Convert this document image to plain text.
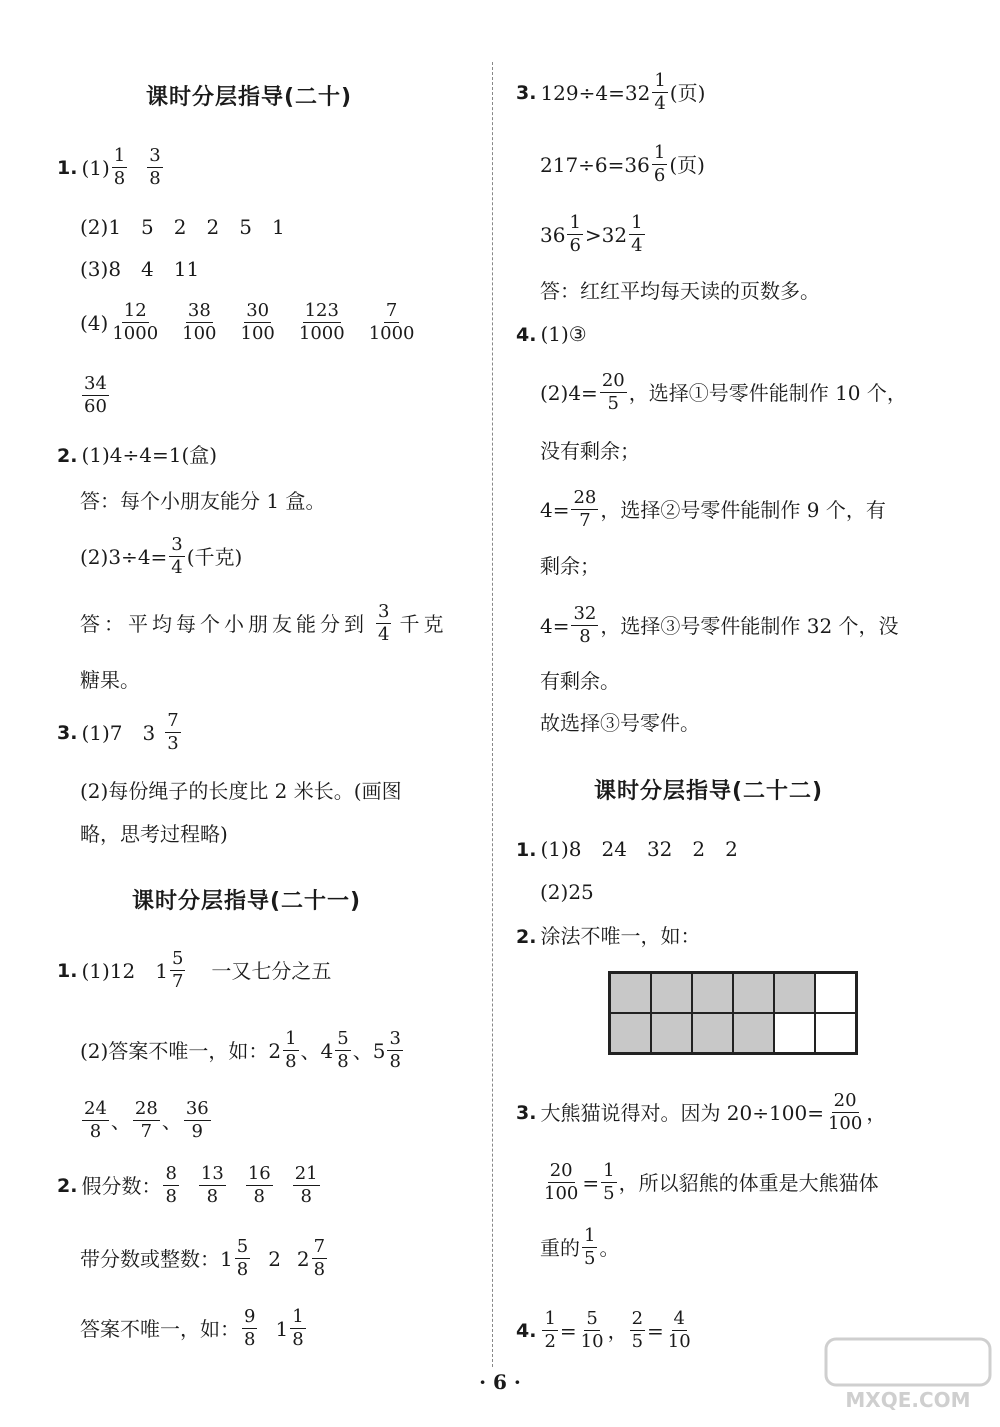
课时分层指导(二十)
1. $(1) \frac{1}{8} \frac{3}{8}$
(2)1　5　2　2　5　1
(3)8　4　11
$(4) \frac{12}{1000} \frac{38}{100} \frac{30}{100} \frac{123}{1000} \frac{7}{1000}$
$\frac{34}{60}$
2. (1)4÷4=1(盒)
答：每个小朋友能分 1 盒。
$(2)3\div 4= \frac{3}{4}$ (千克)
答：平均每个小朋友能分到 $\frac{3}{4}$ 千克
糖果。
3. (1)7　$3 \frac{7}{3}$
(2)每份绳子的长度比 2 米长。(画图
略，思考过程略)
课时分层指导(二十一)
1. (1)12　$1 \frac{5}{7}$ 一又七分之五
(2)答案不唯一，如： $2 \frac{1}{8}$ 、 $4 \frac{5}{8}$ 、 $5 \frac{3}{8}$
$\frac{24}{8}$ 、 $\frac{28}{7}$ 、 $\frac{36}{9}$
2. 假分数： $\frac{8}{8} \frac{13}{8} \frac{16}{8} \frac{21}{8}$
带分数或整数： $1 \frac{5}{8} 2$ $2 \frac{7}{8}$
答案不唯一，如： $\frac{9}{8} 1 \frac{1}{8}$
3. $129\div 4=32 \frac{1}{4}$ (页)
$217\div 6=36 \frac{1}{6}$ (页)
$36 \frac{1}{6} >32 \frac{1}{4}$
答：红红平均每天读的页数多。
4. (1)③
$(2)4= \frac{20}{5}$ ，选择①号零件能制作 10 个，
没有剩余；
$4= \frac{28}{7}$ ，选择②号零件能制作 9 个，有
剩余；
$4= \frac{32}{8}$ ，选择③号零件能制作 32 个，没
有剩余。
故选择③号零件。
课时分层指导(二十二)
1. (1)8　24　32　2　2
(2)25
2. 涂法不唯一，如：
3. 大熊猫说得对。因为 $20\div 100= \frac{20}{100}$ ，
$\frac{20}{100} = \frac{1}{5}$ ，所以貂熊的体重是大熊猫体
重的 $\frac{1}{5}$ 。
4. $\frac{1}{2} = \frac{5}{10}$ ， $\frac{2}{5} = \frac{4}{10}$
· 6 ·
MXQE.COM
